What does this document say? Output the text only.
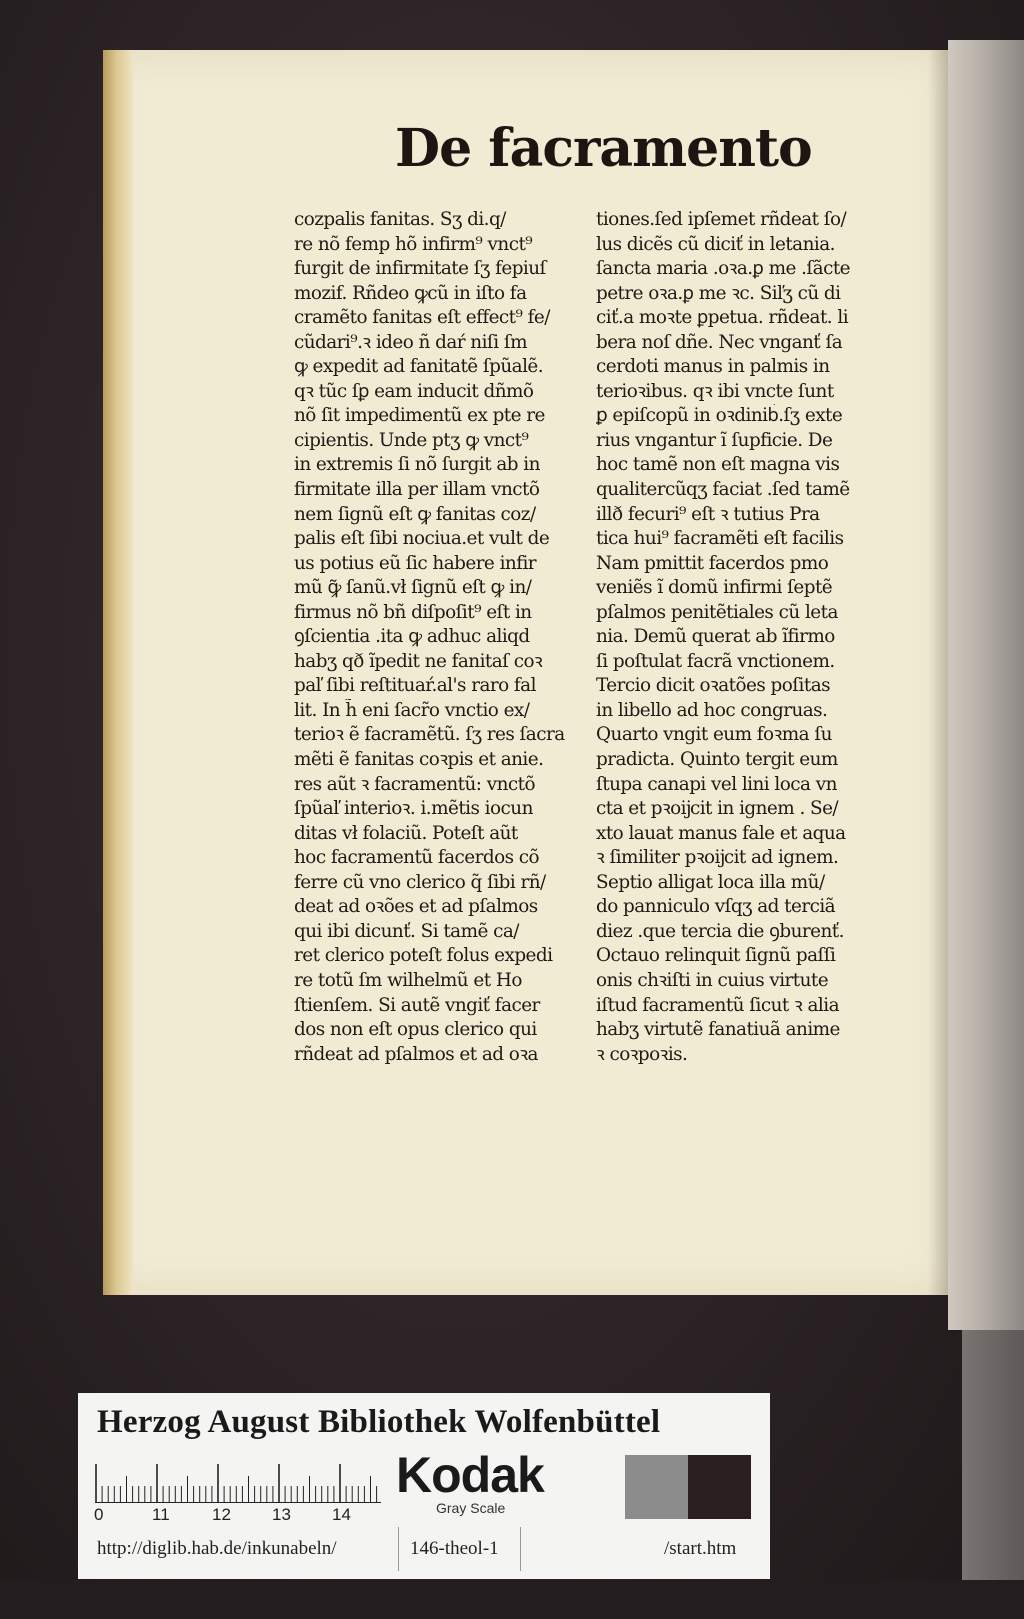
De facramento
cozpalis fanitas. Sʒ di.q/
re nõ femp hõ infirm⁹ vnct⁹
furgit de infirmitate ſʒ fepiuſ
mozif. Rñdeo ꝙcũ in iſto fa
cramẽto fanitas eſt effect⁹ fe/
cũdari⁹.ꝛ ideo ñ daŕ niſi ſm
ꝙ expedit ad fanitatẽ ſpũalẽ.
qꝛ tũc ſꝑ eam inducit dñmõ
nõ ſit impedimentũ ex pte re
cipientis. Unde ptʒ ꝙ vnct⁹
in extremis ſi nõ ſurgit ab in
firmitate illa per illam vnctõ
nem ſignũ eſt ꝙ fanitas coz/
palis eſt ſibi nociua.et vult de
us potius eũ ſic habere infir
mũ ꝙ̃ ſanũ.vł ſignũ eſt ꝙ in/
firmus nõ bñ diſpoſit⁹ eſt in
ꝯſcientia .ita ꝙ adhuc aliqd
habʒ qð ĩpedit ne fanitaſ coꝛ
paľ ſibi reſtituaŕ.al's raro fal
lit. In h̃ eni ſacr̃o vnctio ex/
terioꝛ ẽ facramẽtũ. ſʒ res ſacra
mẽti ẽ fanitas coꝛpis et anie.
res aũt ꝛ facramentũ: vnctõ
ſpũaľ interioꝛ. i.mẽtis iocun
ditas vł folaciũ. Poteſt aũt
hoc facramentũ facerdos cõ
ferre cũ vno clerico q̃ ſibi rñ/
deat ad oꝛões et ad pſalmos
qui ibi dicunť. Si tamẽ ca/
ret clerico poteſt folus expedi
re totũ ſm wilhelmũ et Ho
ſtienſem. Si autẽ vngiť facer
dos non eſt opus clerico qui
rñdeat ad pſalmos et ad oꝛa
tiones.ſed ipſemet rñdeat ſo/
lus dicẽs cũ diciť in letania.
ſancta maria .oꝛa.ꝑ me .ſãcte
petre oꝛa.ꝑ me ꝛc. Siľʒ cũ di
ciť.a moꝛte ꝑpetua. rñdeat. li
bera noſ dñe. Nec vnganť ſa
cerdoti manus in palmis in
terioꝛibus. qꝛ ibi vncte ſunt
ꝑ epiſcopũ in oꝛdinib᷒.ſʒ exte
rius vngantur ĩ ſupficie. De
hoc tamẽ non eſt magna vis
qualitercũqʒ faciat .ſed tamẽ
illð fecuri⁹ eſt ꝛ tutius Pra
tica hui⁹ facramẽti eſt facilis
Nam pmittit facerdos pmo
veniẽs ĩ domũ infirmi ſeptẽ
pſalmos penitẽtiales cũ leta
nia. Demũ querat ab ĩfirmo
ſi poſtulat facrã vnctionem.
Tercio dicit oꝛatões poſitas
in libello ad hoc congruas.
Quarto vngit eum foꝛma ſu
pradicta. Quinto tergit eum
ſtupa canapi vel lini loca vn
cta et pꝛoĳcit in ignem . Se/
xto lauat manus fale et aqua
ꝛ ſimiliter pꝛoĳcit ad ignem.
Septio alligat loca illa mũ/
do panniculo vſqʒ ad terciã
diez .que tercia die ꝯburenť.
Octauo relinquit ſignũ paſſi
onis chꝛiſti in cuius virtute
iſtud facramentũ ſicut ꝛ alia
habʒ virtutẽ fanatiuã anime
ꝛ coꝛpoꝛis.
Herzog August Bibliothek Wolfenbüttel
0	11 12 13 14
Kodak
Gray Scale
http://diglib.hab.de/inkunabeln/	146-theol-1	/start.htm
